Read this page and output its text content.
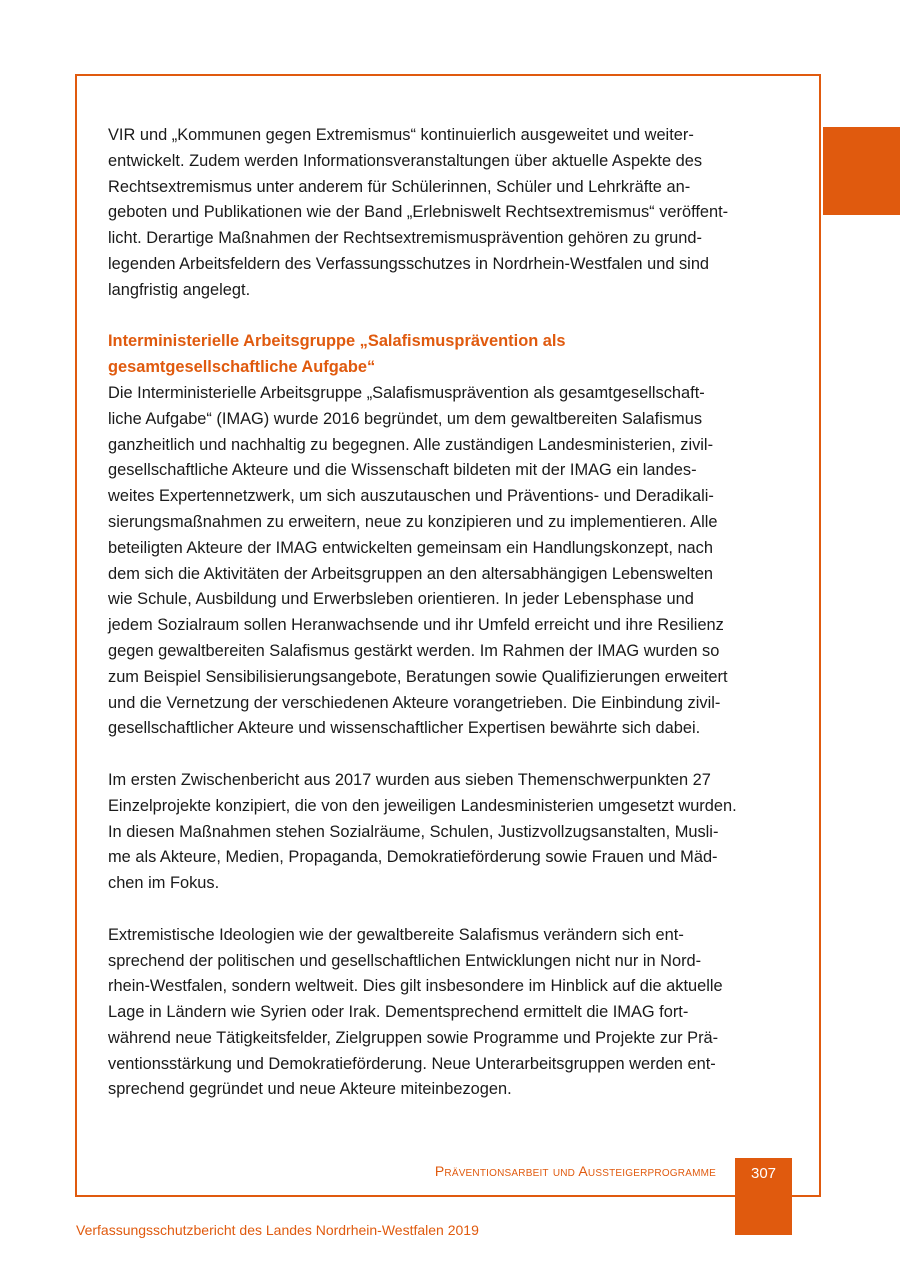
VIR und „Kommunen gegen Extremismus“ kontinuierlich ausgeweitet und weiter-
entwickelt. Zudem werden Informationsveranstaltungen über aktuelle Aspekte des
Rechtsextremismus unter anderem für Schülerinnen, Schüler und Lehrkräfte an-
geboten und Publikationen wie der Band „Erlebniswelt Rechtsextremismus“ veröffent-
licht. Derartige Maßnahmen der Rechtsextremismusprävention gehören zu grund-
legenden Arbeitsfeldern des Verfassungsschutzes in Nordrhein-Westfalen und sind
langfristig angelegt.

Interministerielle Arbeitsgruppe „Salafismusprävention als
gesamtgesellschaftliche Aufgabe“

Die Interministerielle Arbeitsgruppe „Salafismusprävention als gesamtgesellschaft-
liche Aufgabe“ (IMAG) wurde 2016 begründet, um dem gewaltbereiten Salafismus
ganzheitlich und nachhaltig zu begegnen. Alle zuständigen Landesministerien, zivil-
gesellschaftliche Akteure und die Wissenschaft bildeten mit der IMAG ein landes-
weites Expertennetzwerk, um sich auszutauschen und Präventions- und Deradikali-
sierungsmaßnahmen zu erweitern, neue zu konzipieren und zu implementieren. Alle
beteiligten Akteure der IMAG entwickelten gemeinsam ein Handlungskonzept, nach
dem sich die Aktivitäten der Arbeitsgruppen an den altersabhängigen Lebenswelten
wie Schule, Ausbildung und Erwerbsleben orientieren. In jeder Lebensphase und
jedem Sozialraum sollen Heranwachsende und ihr Umfeld erreicht und ihre Resilienz
gegen gewaltbereiten Salafismus gestärkt werden. Im Rahmen der IMAG wurden so
zum Beispiel Sensibilisierungsangebote, Beratungen sowie Qualifizierungen erweitert
und die Vernetzung der verschiedenen Akteure vorangetrieben. Die Einbindung zivil-
gesellschaftlicher Akteure und wissenschaftlicher Expertisen bewährte sich dabei.

Im ersten Zwischenbericht aus 2017 wurden aus sieben Themenschwerpunkten 27
Einzelprojekte konzipiert, die von den jeweiligen Landesministerien umgesetzt wurden.
In diesen Maßnahmen stehen Sozialräume, Schulen, Justizvollzugsanstalten, Musli-
me als Akteure, Medien, Propaganda, Demokratieförderung sowie Frauen und Mäd-
chen im Fokus.

Extremistische Ideologien wie der gewaltbereite Salafismus verändern sich ent-
sprechend der politischen und gesellschaftlichen Entwicklungen nicht nur in Nord-
rhein-Westfalen, sondern weltweit. Dies gilt insbesondere im Hinblick auf die aktuelle
Lage in Ländern wie Syrien oder Irak. Dementsprechend ermittelt die IMAG fort-
während neue Tätigkeitsfelder, Zielgruppen sowie Programme und Projekte zur Prä-
ventionsstärkung und Demokratieförderung. Neue Unterarbeitsgruppen werden ent-
sprechend gegründet und neue Akteure miteinbezogen.

Präventionsarbeit und Aussteigerprogramme	307
Verfassungsschutzbericht des Landes Nordrhein-Westfalen 2019
